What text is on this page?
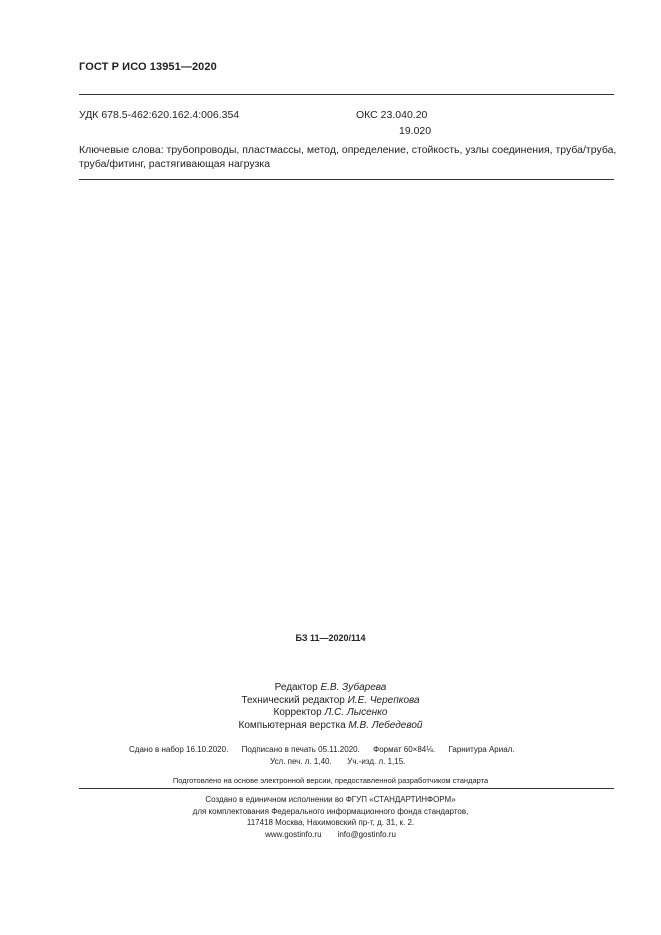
ГОСТ Р ИСО 13951—2020
УДК 678.5-462:620.162.4:006.354	ОКС 23.040.20
19.020
Ключевые слова: трубопроводы, пластмассы, метод, определение, стойкость, узлы соединения, труба/труба, труба/фитинг, растягивающая нагрузка
БЗ 11—2020/114
Редактор Е.В. Зубарева
Технический редактор И.Е. Черепкова
Корректор Л.С. Лысенко
Компьютерная верстка М.В. Лебедевой
Сдано в набор 16.10.2020.      Подписано в печать 05.11.2020.      Формат 60×84⅛.      Гарнитура Ариал.
Усл. печ. л. 1,40.       Уч.-изд. л. 1,15.
Подготовлено на основе электронной версии, предоставленной разработчиком стандарта
Создано в единичном исполнении во ФГУП «СТАНДАРТИНФОРМ»
для комплектования Федерального информационного фонда стандартов,
117418 Москва, Нахимовский пр-т, д. 31, к. 2.
www.gostinfo.ru info@gostinfo.ru
